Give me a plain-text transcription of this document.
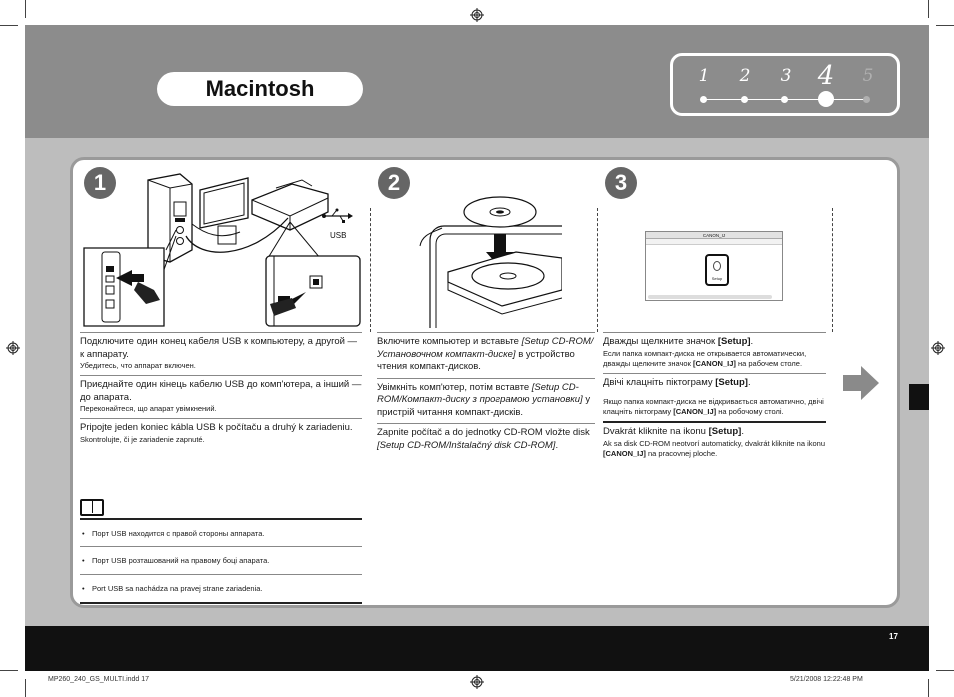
Macintosh	1 2 3 4 5
1	2	3
USB
Подключите один конец кабеля USB к компьютеру, а другой — к аппарату.
Убедитесь, что аппарат включен.
Приєднайте один кінець кабелю USB до комп'ютера, а інший — до апарата.
Переконайтеся, що апарат увімкнений.
Pripojte jeden koniec kábla USB k počítaču a druhý k zariadeniu.
Skontrolujte, či je zariadenie zapnuté.
• Порт USB находится с правой стороны аппарата.
• Порт USB розташований на правому боці апарата.
• Port USB sa nachádza na pravej strane zariadenia.
Включите компьютер и вставьте [Setup CD-ROM/Установочном компакт-диске] в устройство чтения компакт-дисков.
Увімкніть комп'ютер, потім вставте [Setup CD-ROM/Компакт-диску з програмою установки] у пристрій читання компакт-дисків.
Zapnite počítač a do jednotky CD-ROM vložte disk [Setup CD-ROM/Inštalačný disk CD-ROM].
CANON_IJ
Setup
Дважды щелкните значок [Setup].
Если папка компакт-диска не открывается автоматически, дважды щелкните значок [CANON_IJ] на рабочем столе.
Двічі клацніть піктограму [Setup].
Якщо папка компакт-диска не відкривається автоматично, двічі клацніть піктограму [CANON_IJ] на робочому столі.
Dvakrát kliknite na ikonu [Setup].
Ak sa disk CD-ROM neotvorí automaticky, dvakrát kliknite na ikonu [CANON_IJ] na pracovnej ploche.
17
MP260_240_GS_MULTI.indd 17	5/21/2008 12:22:48 PM
